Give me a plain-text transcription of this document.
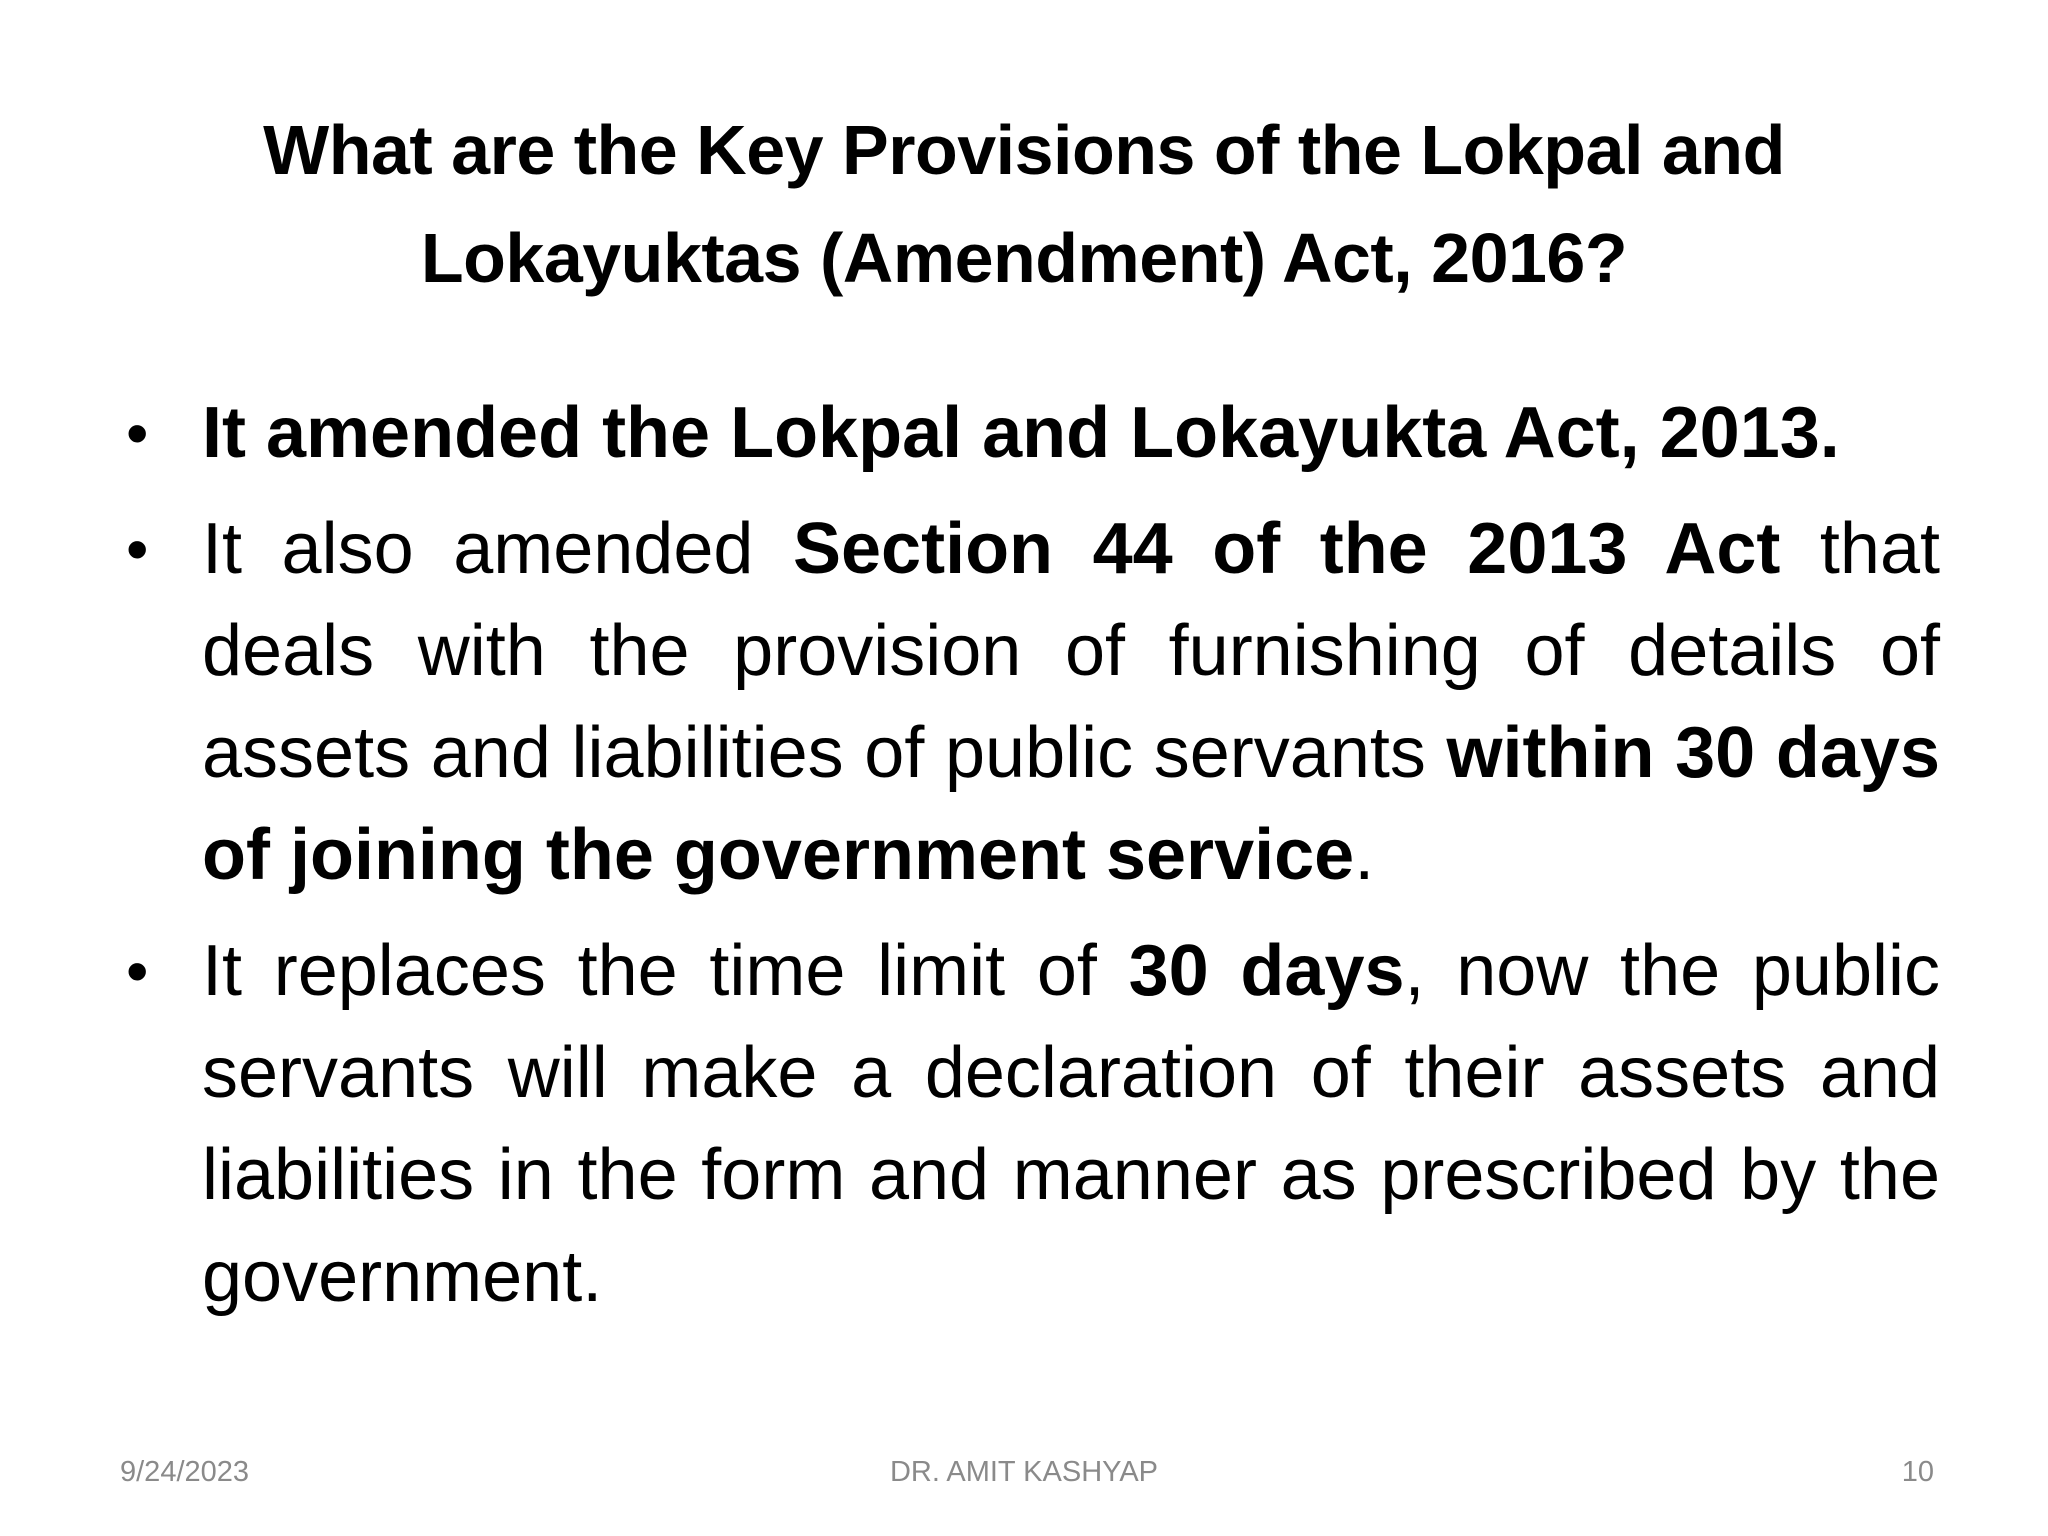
What are the Key Provisions of the Lokpal and
Lokayuktas (Amendment) Act, 2016?
• It amended the Lokpal and Lokayukta Act, 2013.
• It also amended Section 44 of the 2013 Act that deals with the provision of furnishing of details of assets and liabilities of public servants within 30 days of joining the government service.
• It replaces the time limit of 30 days, now the public servants will make a declaration of their assets and liabilities in the form and manner as prescribed by the government.
9/24/2023	DR. AMIT KASHYAP	10
